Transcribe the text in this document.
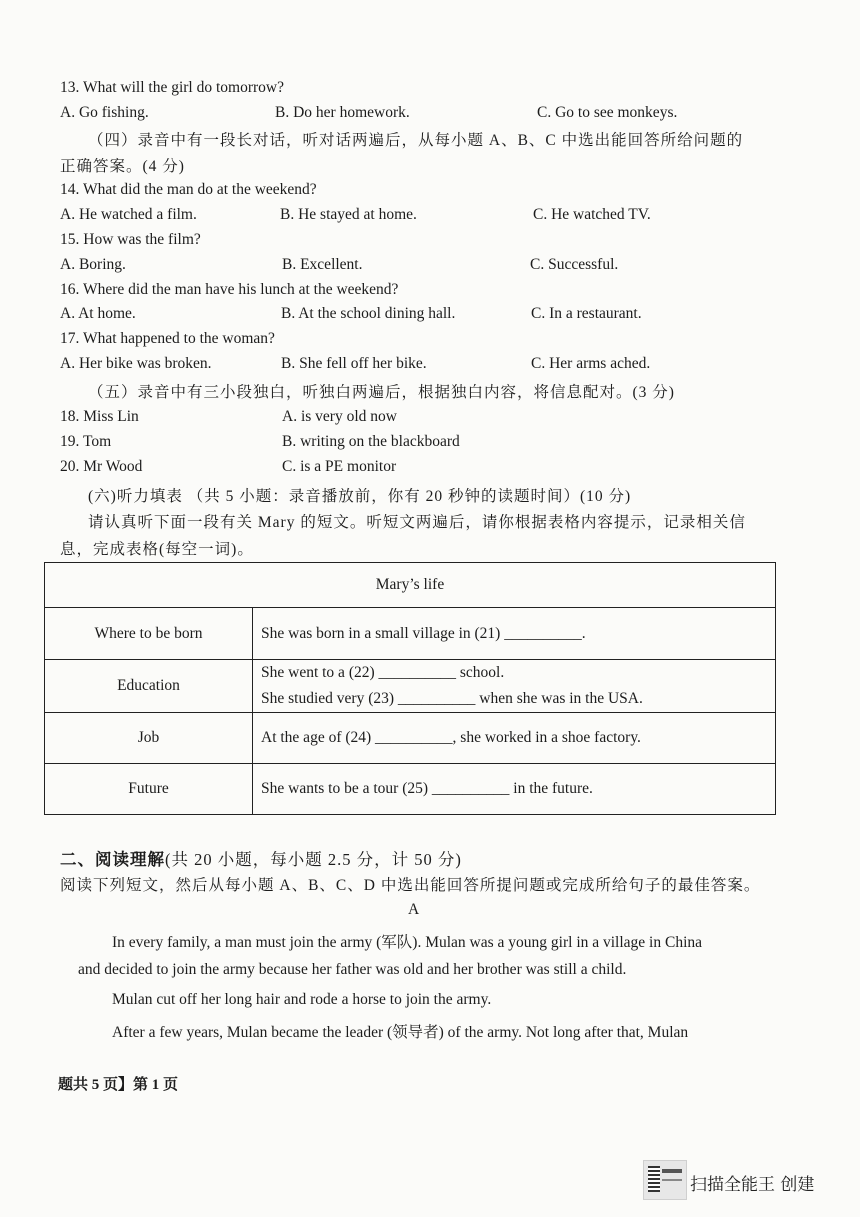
13. What will the girl do tomorrow?
A. Go fishing.	B. Do her homework.	C. Go to see monkeys.
（四）录音中有一段长对话，听对话两遍后，从每小题 A、B、C 中选出能回答所给问题的
正确答案。(4 分)
14. What did the man do at the weekend?
A. He watched a film.	B. He stayed at home.	C. He watched TV.
15. How was the film?
A. Boring.	B. Excellent.	C. Successful.
16. Where did the man have his lunch at the weekend?
A. At home.	B. At the school dining hall.	C. In a restaurant.
17. What happened to the woman?
A. Her bike was broken.	B. She fell off her bike.	C. Her arms ached.
（五）录音中有三小段独白，听独白两遍后，根据独白内容，将信息配对。(3 分)
18. Miss Lin	A. is very old now
19. Tom	B. writing on the blackboard
20. Mr Wood	C. is a PE monitor
(六)听力填表 （共 5 小题：录音播放前，你有 20 秒钟的读题时间）(10 分)
请认真听下面一段有关 Mary 的短文。听短文两遍后，请你根据表格内容提示，记录相关信
息，完成表格(每空一词)。
Mary’s life	
Where to be born	She was born in a small village in (21) __________.

Education	She went to a (22) __________ school.
She studied very (23) __________ when she was in the USA.

Job	At the age of (24) __________, she worked in a shoe factory.

Future	She wants to be a tour (25) __________ in the future.
二、阅读理解(共 20 小题，每小题 2.5 分，计 50 分)
阅读下列短文，然后从每小题 A、B、C、D 中选出能回答所提问题或完成所给句子的最佳答案。
A
In every family, a man must join the army (军队). Mulan was a young girl in a village in China
and decided to join the army because her father was old and her brother was still a child.
Mulan cut off her long hair and rode a horse to join the army.
After a few years, Mulan became the leader (领导者) of the army. Not long after that, Mulan
题共 5 页】第 1 页
扫描全能王 创建
